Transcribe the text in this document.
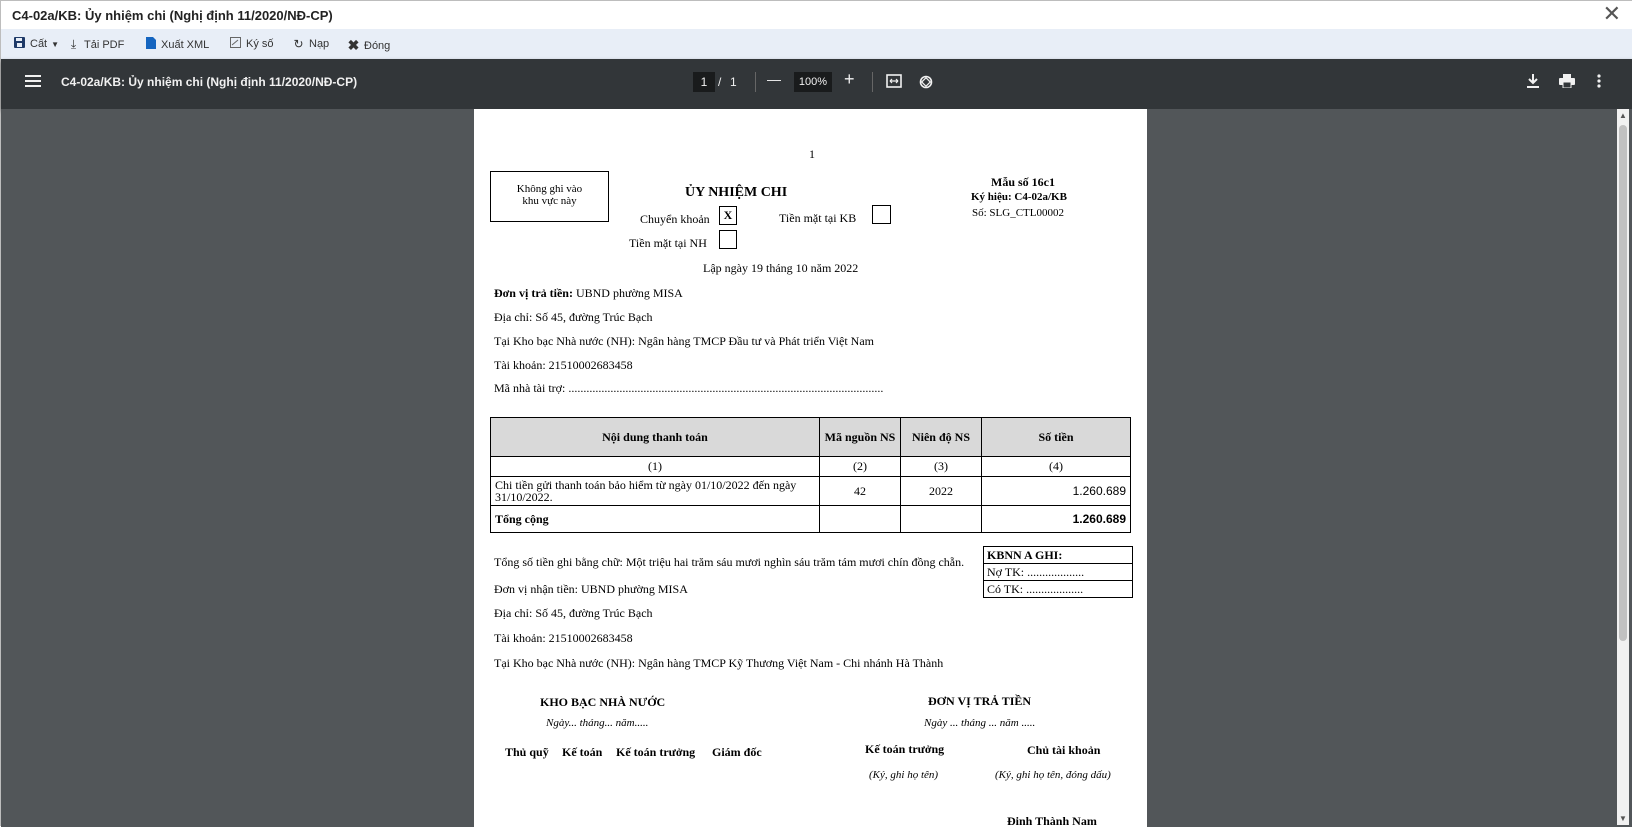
C4-02a/KB: Ủy nhiệm chi (Nghị định 11/2020/NĐ-CP)	✕
Cất ▼ ⤓ Tải PDF	Xuất XML	Ký số ↻ Nạp ✖ Đóng
C4-02a/KB: Ủy nhiệm chi (Nghị định 11/2020/NĐ-CP)	1 / 1 —	100% +
1
Không ghi vào
khu vực này
ỦY NHIỆM CHI
Mẫu số 16c1
Ký hiệu: C4-02a/KB
Số: SLG_CTL00002
Chuyển khoản	X	Tiền mặt tại KB
Tiền mặt tại NH
Lập ngày 19 tháng 10 năm 2022
Đơn vị trả tiền: UBND phường MISA
Địa chỉ: Số 45, đường Trúc Bạch
Tại Kho bạc Nhà nước (NH): Ngân hàng TMCP Đầu tư và Phát triển Việt Nam
Tài khoản: 21510002683458
Mã nhà tài trợ: .........................................................................................................
Nội dung thanh toán	Mã nguồn NS	Niên độ NS	Số tiền
(1)	(2)	(3)	(4)
Chi tiền gửi thanh toán bảo hiểm từ ngày 01/10/2022 đến ngày 31/10/2022.	42	2022	1.260.689
Tổng cộng			1.260.689
Tổng số tiền ghi bằng chữ: Một triệu hai trăm sáu mươi nghìn sáu trăm tám mươi chín đồng chẵn. KBNN A GHI:
Nợ TK: ...................
Có TK: ...................
Đơn vị nhận tiền: UBND phường MISA
Địa chỉ: Số 45, đường Trúc Bạch
Tài khoản: 21510002683458
Tại Kho bạc Nhà nước (NH): Ngân hàng TMCP Kỹ Thương Việt Nam - Chi nhánh Hà Thành
KHO BẠC NHÀ NƯỚC
Ngày... tháng... năm.....
Thủ quỹ Kế toán Kế toán trưởng Giám đốc
ĐƠN VỊ TRẢ TIỀN
Ngày ... tháng ... năm .....
Kế toán trưởng	Chủ tài khoản
(Ký, ghi họ tên)	(Ký, ghi họ tên, đóng dấu)
Đinh Thành Nam
▲
▼
